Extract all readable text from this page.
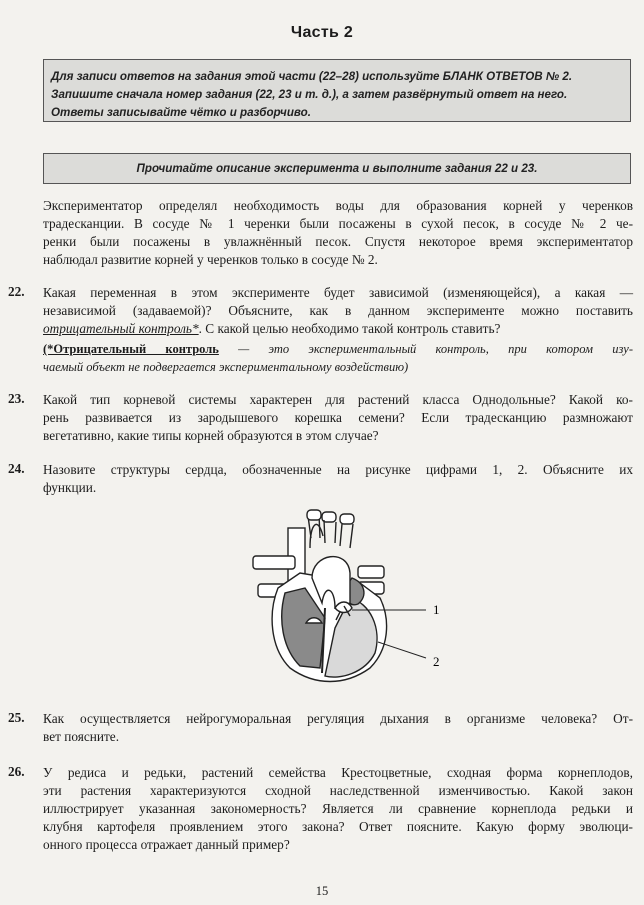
Часть 2
Для записи ответов на задания этой части (22–28) используйте БЛАНК ОТВЕТОВ № 2.
Запишите сначала номер задания (22, 23 и т. д.), а затем развёрнутый ответ на него.
Ответы записывайте чётко и разборчиво.
Прочитайте описание эксперимента и выполните задания 22 и 23.
Экспериментатор определял необходимость воды для образования корней у черенков
традесканции. В сосуде № 1 черенки были посажены в сухой песок, в сосуде № 2 че-
ренки были посажены в увлажнённый песок. Спустя некоторое время экспериментатор
наблюдал развитие корней у черенков только в сосуде № 2.
22. Какая переменная в этом эксперименте будет зависимой (изменяющейся), а какая —
независимой (задаваемой)? Объясните, как в данном эксперименте можно поставить
отрицательный контроль*. С какой целью необходимо такой контроль ставить?
(*Отрицательный контроль — это экспериментальный контроль, при котором изу-
чаемый объект не подвергается экспериментальному воздействию)
23. Какой тип корневой системы характерен для растений класса Однодольные? Какой ко-
рень развивается из зародышевого корешка семени? Если традесканцию размножают
вегетативно, какие типы корней образуются в этом случае?
24. Назовите структуры сердца, обозначенные на рисунке цифрами 1, 2. Объясните их
функции.
1
2
25. Как осуществляется нейрогуморальная регуляция дыхания в организме человека? От-
вет поясните.
26. У редиса и редьки, растений семейства Крестоцветные, сходная форма корнеплодов,
эти растения характеризуются сходной наследственной изменчивостью. Какой закон
иллюстрирует указанная закономерность? Является ли сравнение корнеплода редьки и
клубня картофеля проявлением этого закона? Ответ поясните. Какую форму эволюци-
онного процесса отражает данный пример?
15
